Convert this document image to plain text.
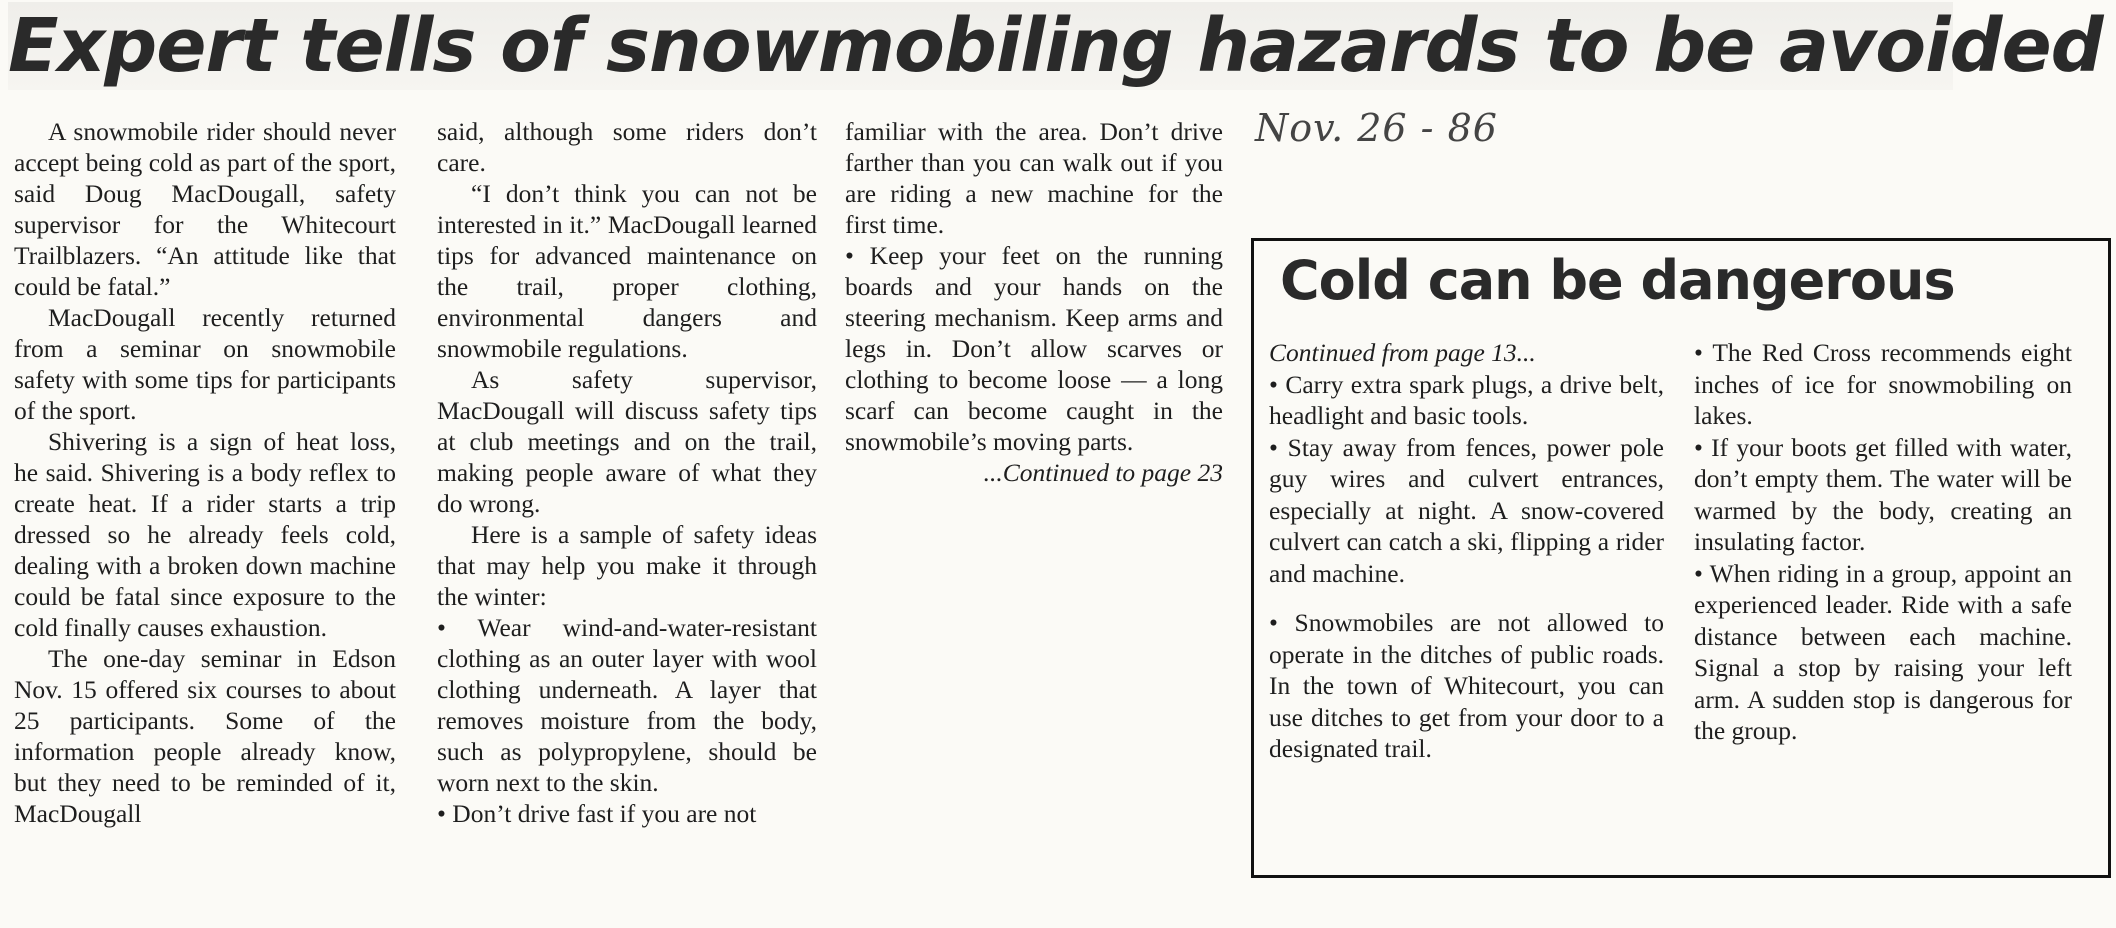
Expert tells of snowmobiling hazards to be avoided
Nov. 26 - 86

A snowmobile rider should never accept being cold as part of the sport, said Doug MacDougall, safety supervisor for the Whitecourt Trailblazers. “An attitude like that could be fatal.”

MacDougall recently returned from a seminar on snowmobile safety with some tips for participants of the sport.

Shivering is a sign of heat loss, he said. Shivering is a body reflex to create heat. If a rider starts a trip dressed so he already feels cold, dealing with a broken down machine could be fatal since exposure to the cold finally causes exhaustion.

The one-day seminar in Edson Nov. 15 offered six courses to about 25 participants. Some of the information people already know, but they need to be reminded of it, MacDougall

said, although some riders don’t care.

“I don’t think you can not be interested in it.” MacDougall learned tips for advanced maintenance on the trail, proper clothing, environmental dangers and snowmobile regulations.

As safety supervisor, MacDougall will discuss safety tips at club meetings and on the trail, making people aware of what they do wrong.

Here is a sample of safety ideas that may help you make it through the winter:

• Wear wind-and-water-resistant clothing as an outer layer with wool clothing underneath. A layer that removes moisture from the body, such as polypropylene, should be worn next to the skin.

• Don’t drive fast if you are not

familiar with the area. Don’t drive farther than you can walk out if you are riding a new machine for the first time.

• Keep your feet on the running boards and your hands on the steering mechanism. Keep arms and legs in. Don’t allow scarves or clothing to become loose — a long scarf can become caught in the snowmobile’s moving parts.

...Continued to page 23

Cold can be dangerous

Continued from page 13...

• Carry extra spark plugs, a drive belt, headlight and basic tools.

• Stay away from fences, power pole guy wires and culvert entrances, especially at night. A snow-covered culvert can catch a ski, flipping a rider and machine.

• Snowmobiles are not allowed to operate in the ditches of public roads. In the town of Whitecourt, you can use ditches to get from your door to a designated trail.

• The Red Cross recommends eight inches of ice for snowmobiling on lakes.

• If your boots get filled with water, don’t empty them. The water will be warmed by the body, creating an insulating factor.

• When riding in a group, appoint an experienced leader. Ride with a safe distance between each machine. Signal a stop by raising your left arm. A sudden stop is dangerous for the group.
